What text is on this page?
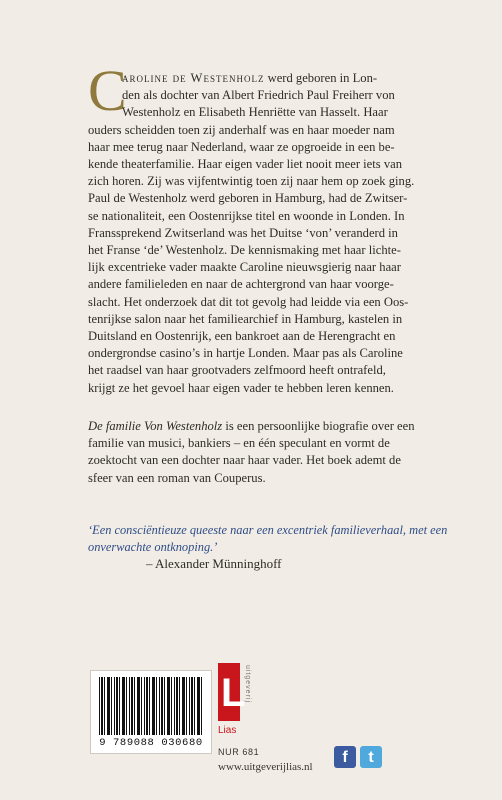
C
aroline de Westenholz werd geboren in Lon-
den als dochter van Albert Friedrich Paul Freiherr von
Westenholz en Elisabeth Henriëtte van Hasselt. Haar
ouders scheidden toen zij anderhalf was en haar moeder nam
haar mee terug naar Nederland, waar ze opgroeide in een be-
kende theaterfamilie. Haar eigen vader liet nooit meer iets van
zich horen. Zij was vijfentwintig toen zij naar hem op zoek ging.
Paul de Westenholz werd geboren in Hamburg, had de Zwitser-
se nationaliteit, een Oostenrijkse titel en woonde in Londen. In
Franssprekend Zwitserland was het Duitse ‘von’ veranderd in
het Franse ‘de’ Westenholz. De kennismaking met haar lichte-
lijk excentrieke vader maakte Caroline nieuwsgierig naar haar
andere familieleden en naar de achtergrond van haar voorge-
slacht. Het onderzoek dat dit tot gevolg had leidde via een Oos-
tenrijkse salon naar het familiearchief in Hamburg, kastelen in
Duitsland en Oostenrijk, een bankroet aan de Herengracht en
ondergrondse casino’s in hartje Londen. Maar pas als Caroline
het raadsel van haar grootvaders zelfmoord heeft ontrafeld,
krijgt ze het gevoel haar eigen vader te hebben leren kennen.
De familie Von Westenholz is een persoonlijke biografie over een
familie van musici, bankiers – en één speculant en vormt de
zoektocht van een dochter naar haar vader. Het boek ademt de
sfeer van een roman van Couperus.
‘Een consciëntieuze queeste naar een excentriek familieverhaal, met een
onverwachte ontknoping.’
– Alexander Münninghoff
9 789088 030680
L
uitgeverij
Lias
NUR 681
www.uitgeverijlias.nl
f	t
